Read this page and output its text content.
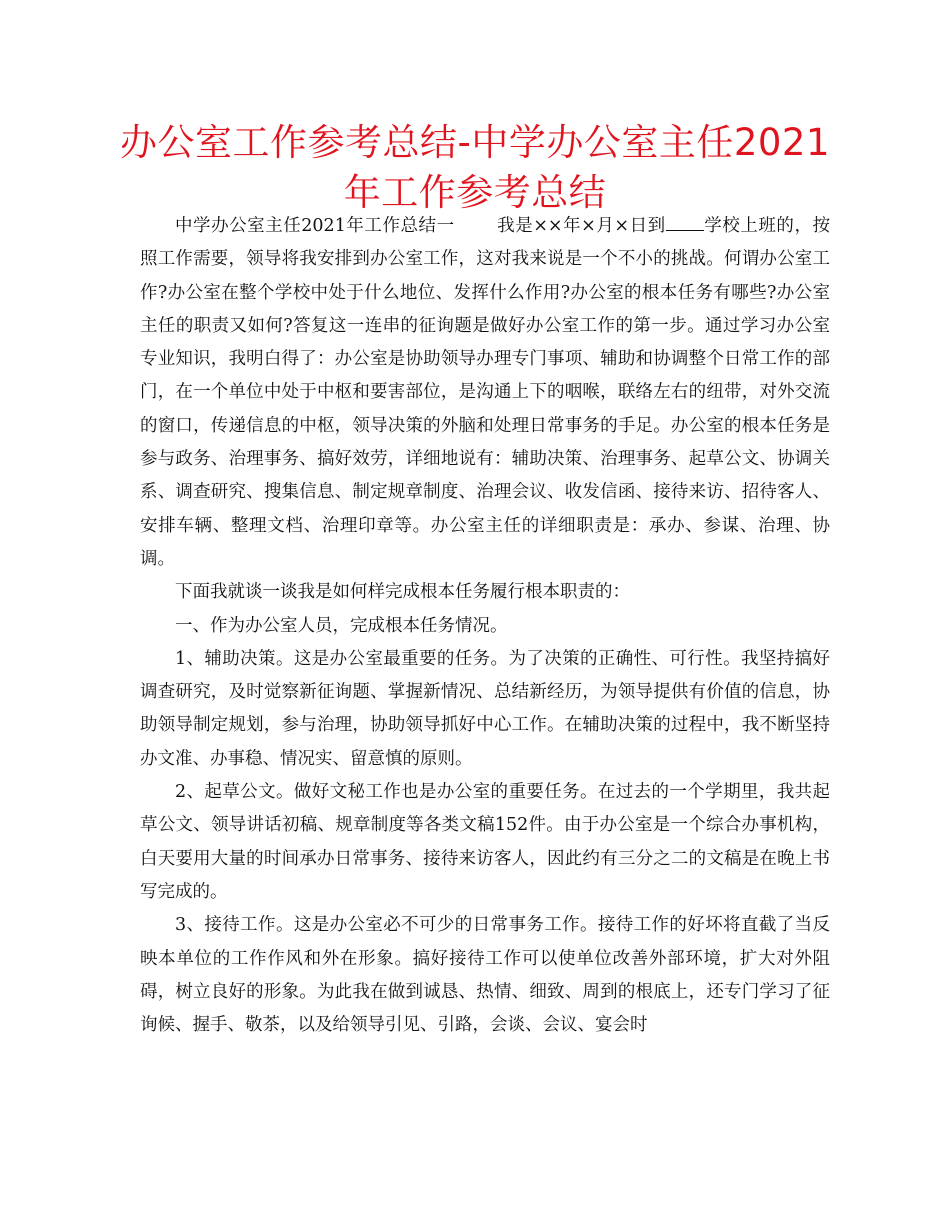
办公室工作参考总结-中学办公室主任2021年工作参考总结

中学办公室主任2021年工作总结一 我是××年×月×日到 学校上班的，按照工作需要，领导将我安排到办公室工作，这对我来说是一个不小的挑战。何谓办公室工作?办公室在整个学校中处于什么地位、发挥什么作用?办公室的根本任务有哪些?办公室主任的职责又如何?答复这一连串的征询题是做好办公室工作的第一步。通过学习办公室专业知识，我明白得了：办公室是协助领导办理专门事项、辅助和协调整个日常工作的部门，在一个单位中处于中枢和要害部位，是沟通上下的咽喉，联络左右的纽带，对外交流的窗口，传递信息的中枢，领导决策的外脑和处理日常事务的手足。办公室的根本任务是参与政务、治理事务、搞好效劳，详细地说有：辅助决策、治理事务、起草公文、协调关系、调查研究、搜集信息、制定规章制度、治理会议、收发信函、接待来访、招待客人、安排车辆、整理文档、治理印章等。办公室主任的详细职责是：承办、参谋、治理、协调。

下面我就谈一谈我是如何样完成根本任务履行根本职责的：

一、作为办公室人员，完成根本任务情况。

1、辅助决策。这是办公室最重要的任务。为了决策的正确性、可行性。我坚持搞好调查研究，及时觉察新征询题、掌握新情况、总结新经历，为领导提供有价值的信息，协助领导制定规划，参与治理，协助领导抓好中心工作。在辅助决策的过程中，我不断坚持办文准、办事稳、情况实、留意慎的原则。

2、起草公文。做好文秘工作也是办公室的重要任务。在过去的一个学期里，我共起草公文、领导讲话初稿、规章制度等各类文稿152件。由于办公室是一个综合办事机构，白天要用大量的时间承办日常事务、接待来访客人，因此约有三分之二的文稿是在晚上书写完成的。

3、接待工作。这是办公室必不可少的日常事务工作。接待工作的好坏将直截了当反映本单位的工作作风和外在形象。搞好接待工作可以使单位改善外部环境，扩大对外阻碍，树立良好的形象。为此我在做到诚恳、热情、细致、周到的根底上，还专门学习了征询候、握手、敬茶，以及给领导引见、引路，会谈、会议、宴会时
